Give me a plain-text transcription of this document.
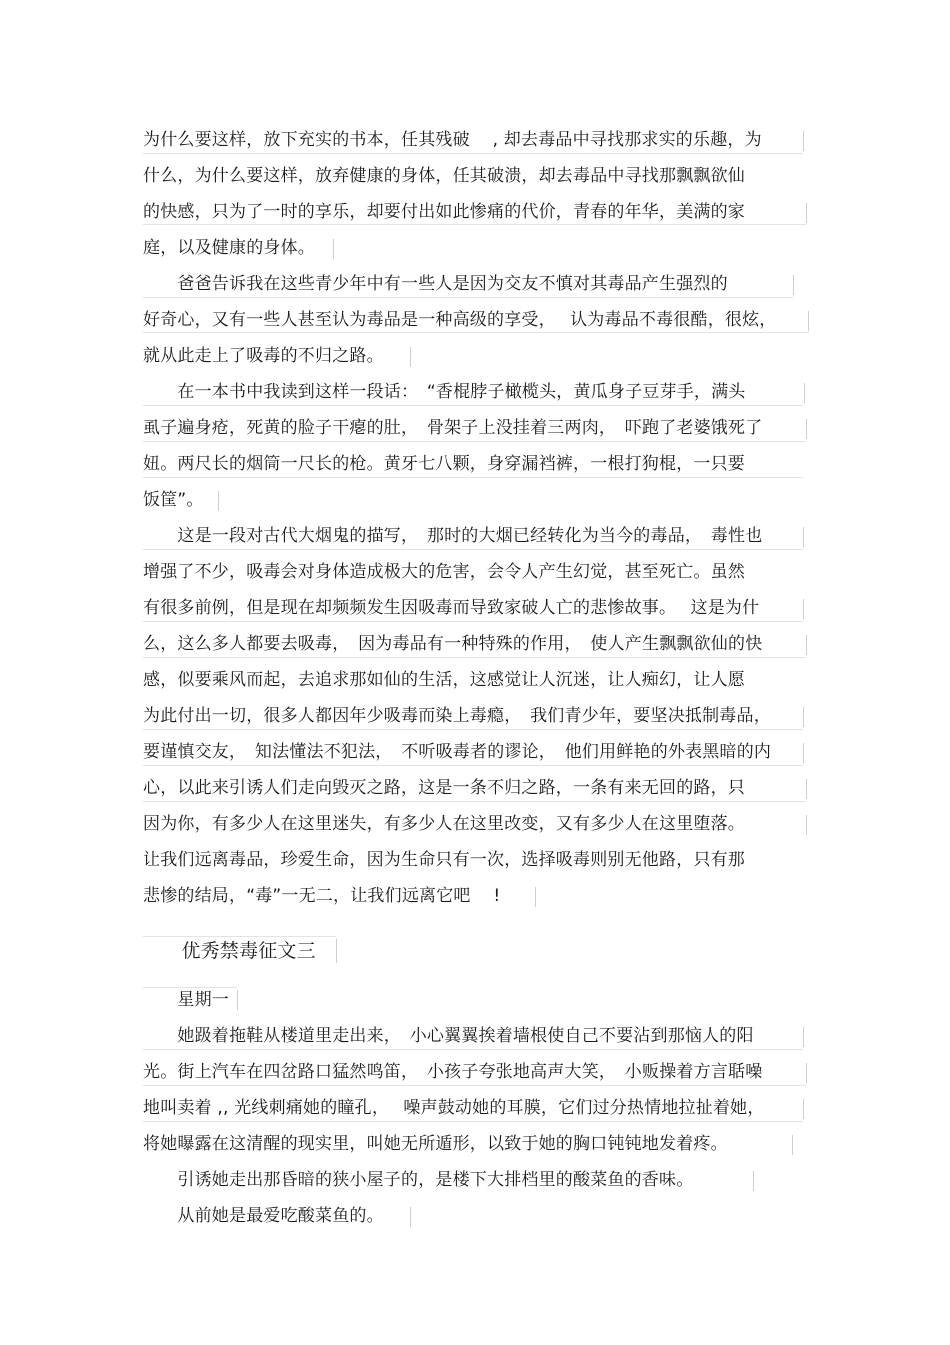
为什么要这样，放下充实的书本，任其残破　 , 却去毒品中寻找那求实的乐趣，为
什么，为什么要这样，放弃健康的身体，任其破溃，却去毒品中寻找那飘飘欲仙
的快感，只为了一时的享乐，却要付出如此惨痛的代价，青春的年华，美满的家
庭，以及健康的身体。
　　爸爸告诉我在这些青少年中有一些人是因为交友不慎对其毒品产生强烈的
好奇心，又有一些人甚至认为毒品是一种高级的享受，　 认为毒品不毒很酷，很炫，
就从此走上了吸毒的不归之路。
　　在一本书中我读到这样一段话：　“香棍脖子橄榄头，黄瓜身子豆芽手，满头
虱子遍身疮，死黄的脸子干瘪的肚，　骨架子上没挂着三两肉，　吓跑了老婆饿死了
妞。两尺长的烟筒一尺长的枪。黄牙七八颗，身穿漏裆裤，一根打狗棍，一只要
饭筐”。
　　这是一段对古代大烟鬼的描写，　那时的大烟已经转化为当今的毒品，　毒性也
增强了不少，吸毒会对身体造成极大的危害，会令人产生幻觉，甚至死亡。虽然
有很多前例，但是现在却频频发生因吸毒而导致家破人亡的悲惨故事。　 这是为什
么，这么多人都要去吸毒，　因为毒品有一种特殊的作用，　使人产生飘飘欲仙的快
感，似要乘风而起，去追求那如仙的生活，这感觉让人沉迷，让人痴幻，让人愿
为此付出一切，很多人都因年少吸毒而染上毒瘾，　我们青少年，要坚决抵制毒品，
要谨慎交友，　知法懂法不犯法，　不听吸毒者的谬论，　他们用鲜艳的外表黑暗的内
心，以此来引诱人们走向毁灭之路，这是一条不归之路，一条有来无回的路，只
因为你，有多少人在这里迷失，有多少人在这里改变，又有多少人在这里堕落。
让我们远离毒品，珍爱生命，因为生命只有一次，选择吸毒则别无他路，只有那
悲惨的结局，“毒”一无二，让我们远离它吧　 !
　　优秀禁毒征文三
　　星期一
　　她趿着拖鞋从楼道里走出来，　小心翼翼挨着墙根使自己不要沾到那恼人的阳
光。街上汽车在四岔路口猛然鸣笛，　小孩子夸张地高声大笑，　小贩操着方言聒噪
地叫卖着 ,, 光线刺痛她的瞳孔，　 噪声鼓动她的耳膜，它们过分热情地拉扯着她，
将她曝露在这清醒的现实里，叫她无所遁形，以致于她的胸口钝钝地发着疼。
　　引诱她走出那昏暗的狭小屋子的，是楼下大排档里的酸菜鱼的香味。
　　从前她是最爱吃酸菜鱼的。
